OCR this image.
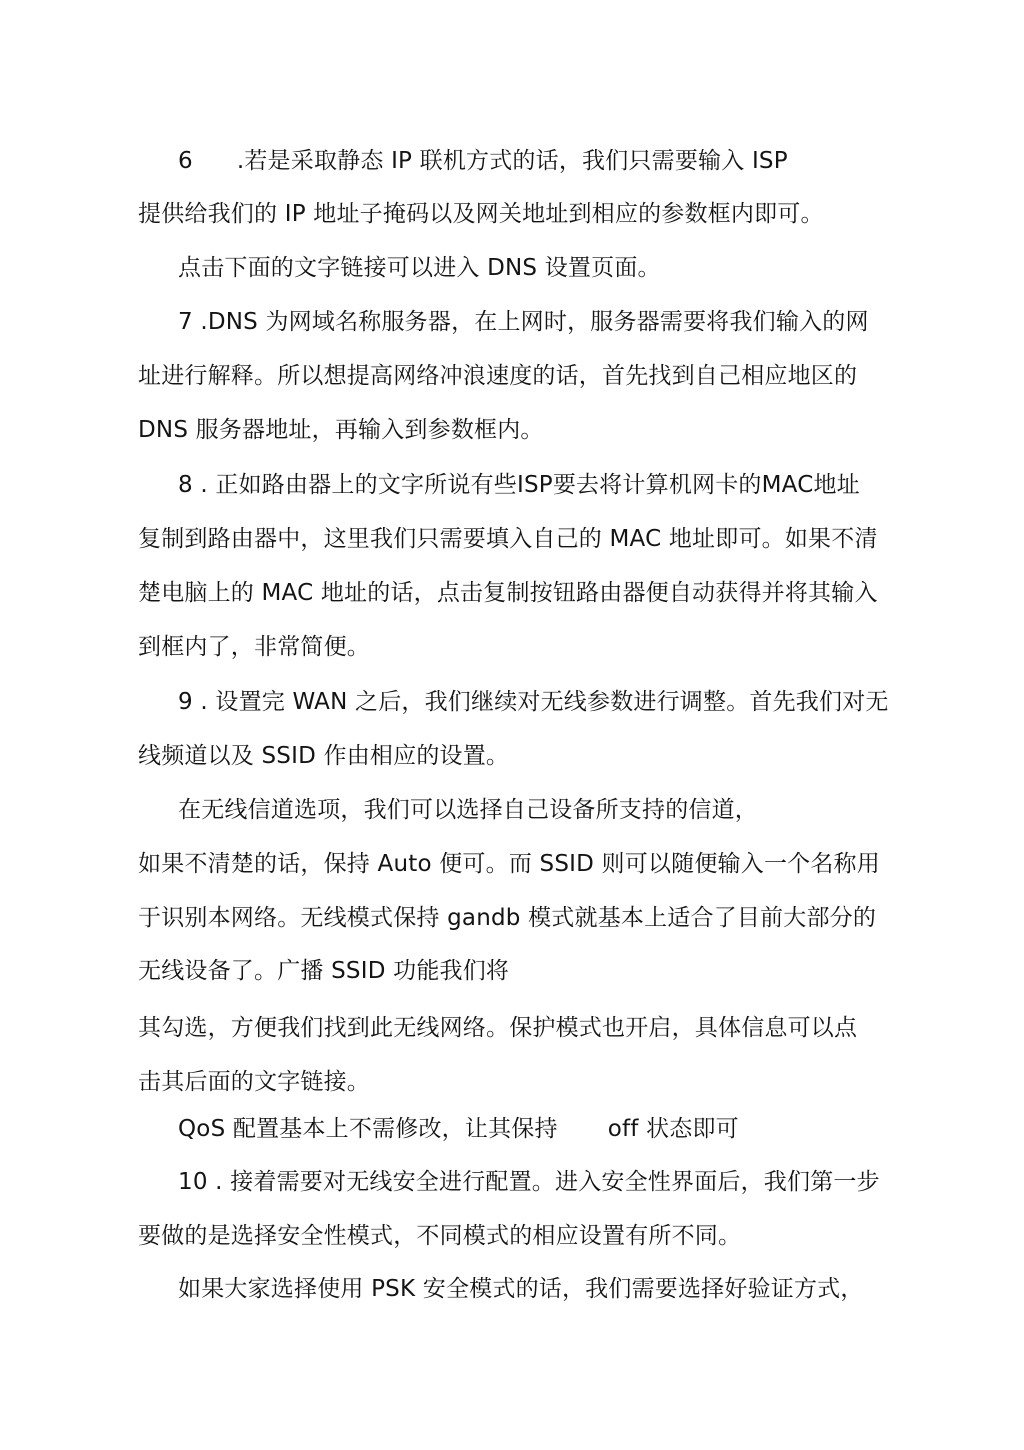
6 .若是采取静态 IP 联机方式的话，我们只需要输入 ISP
提供给我们的 IP 地址子掩码以及网关地址到相应的参数框内即可。
点击下面的文字链接可以进入 DNS 设置页面。
7 .DNS 为网域名称服务器，在上网时，服务器需要将我们输入的网
址进行解释。所以想提高网络冲浪速度的话，首先找到自己相应地区的
DNS 服务器地址，再输入到参数框内。
8 . 正如路由器上的文字所说有些ISP要去将计算机网卡的MAC地址
复制到路由器中，这里我们只需要填入自己的 MAC 地址即可。如果不清
楚电脑上的 MAC 地址的话，点击复制按钮路由器便自动获得并将其输入
到框内了，非常简便。
9 . 设置完 WAN 之后，我们继续对无线参数进行调整。首先我们对无
线频道以及 SSID 作由相应的设置。
在无线信道选项，我们可以选择自己设备所支持的信道，
如果不清楚的话，保持 Auto 便可。而 SSID 则可以随便输入一个名称用
于识别本网络。无线模式保持 gandb 模式就基本上适合了目前大部分的
无线设备了。广播 SSID 功能我们将
其勾选，方便我们找到此无线网络。保护模式也开启，具体信息可以点
击其后面的文字链接。
QoS 配置基本上不需修改，让其保持 off 状态即可
10 . 接着需要对无线安全进行配置。进入安全性界面后，我们第一步
要做的是选择安全性模式，不同模式的相应设置有所不同。
如果大家选择使用 PSK 安全模式的话，我们需要选择好验证方式，
